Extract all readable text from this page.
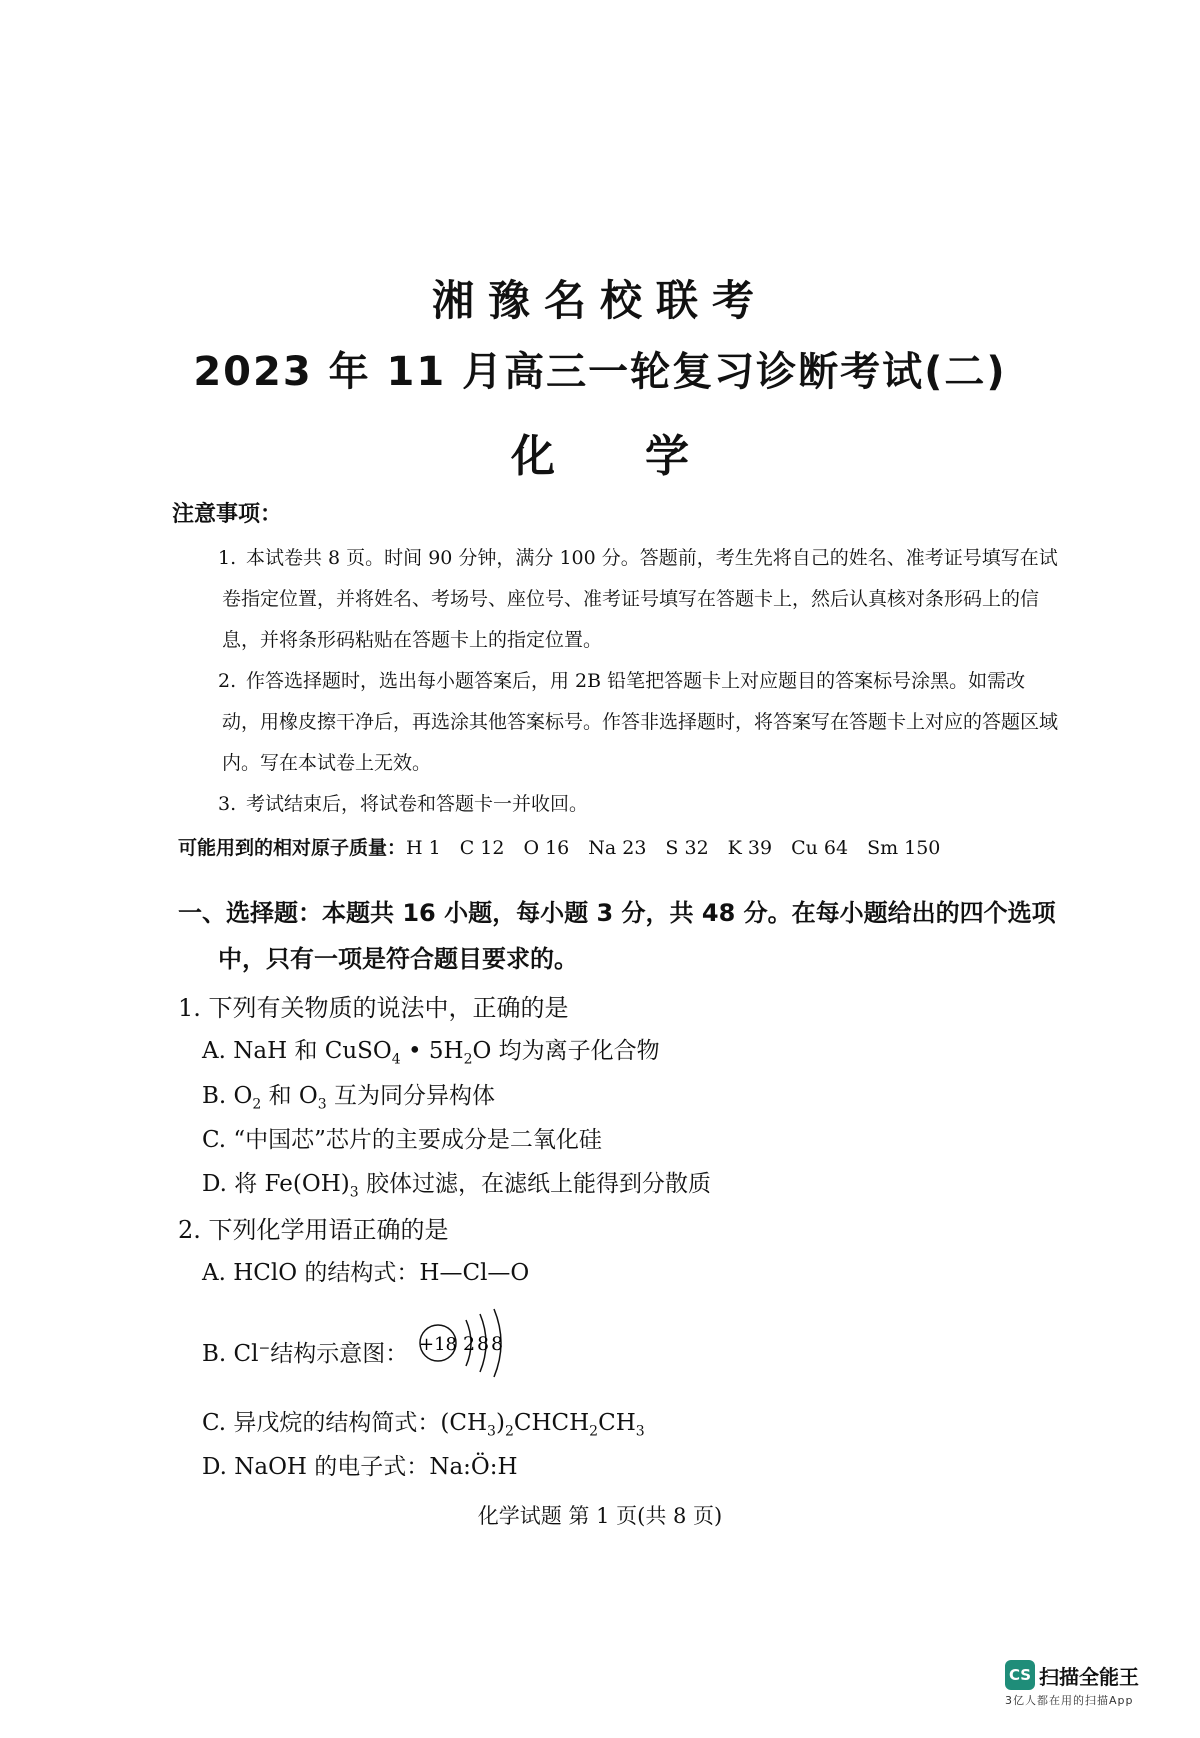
湘豫名校联考
2023 年 11 月高三一轮复习诊断考试(二)
化 学
注意事项：
1. 本试卷共 8 页。时间 90 分钟，满分 100 分。答题前，考生先将自己的姓名、准考证号填写在试卷指定位置，并将姓名、考场号、座位号、准考证号填写在答题卡上，然后认真核对条形码上的信息，并将条形码粘贴在答题卡上的指定位置。
2. 作答选择题时，选出每小题答案后，用 2B 铅笔把答题卡上对应题目的答案标号涂黑。如需改动，用橡皮擦干净后，再选涂其他答案标号。作答非选择题时，将答案写在答题卡上对应的答题区域内。写在本试卷上无效。
3. 考试结束后，将试卷和答题卡一并收回。
可能用到的相对原子质量：H 1　C 12　O 16　Na 23　S 32　K 39　Cu 64　Sm 150
一、选择题：本题共 16 小题，每小题 3 分，共 48 分。在每小题给出的四个选项
中，只有一项是符合题目要求的。
1. 下列有关物质的说法中，正确的是
A. NaH 和 CuSO$_4$ • $5H_2O$ 均为离子化合物
B. $O_2$ 和 $O_3$ 互为同分异构体
C. “中国芯”芯片的主要成分是二氧化硅
D. 将 $Fe(OH)_3$ 胶体过滤，在滤纸上能得到分散质
2. 下列化学用语正确的是
A. HClO 的结构式：H—Cl—O
B. Cl−结构示意图： +18 2 8 8
C. 异戊烷的结构简式：$(CH_3)_2CHCH_2CH_3$
D. NaOH 的电子式：Na:Ö:H
化学试题 第 1 页(共 8 页)
CS 扫描全能王
3亿人都在用的扫描App
